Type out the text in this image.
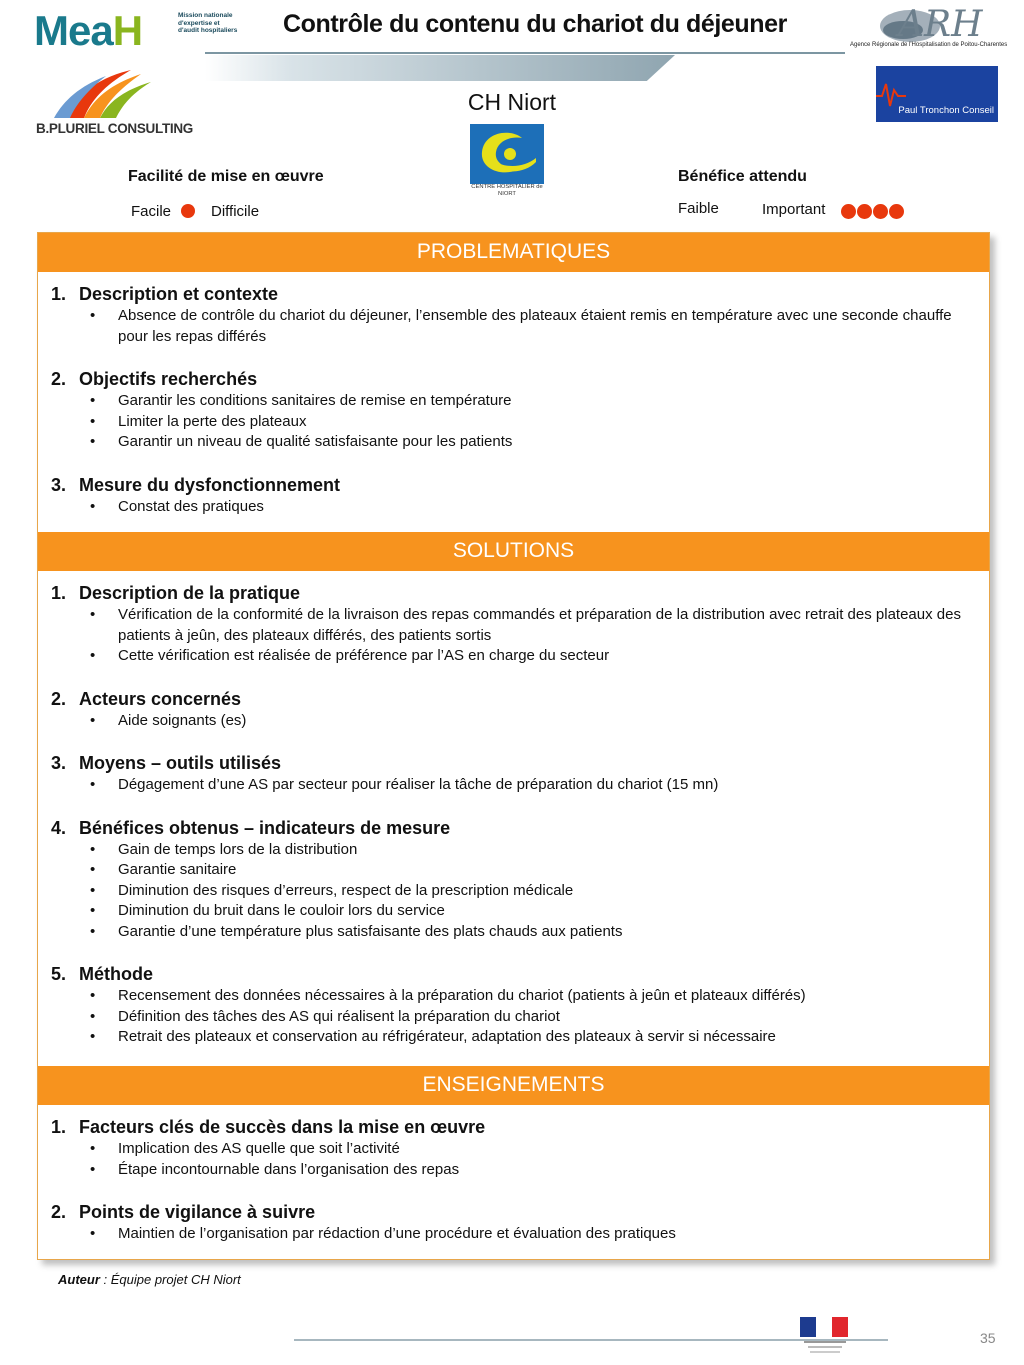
MeaH	Mission nationale d'expertise et d'audit hospitaliers	Contrôle du contenu du chariot du déjeuner
B.PLURIEL CONSULTING
ARH
Agence Régionale de l'Hospitalisation de Poitou-Charentes
Paul Tronchon Conseil
CH Niort
CENTRE HOSPITALIER de NIORT
Facilité de mise en œuvre
Facile	Difficile
Bénéfice attendu
Faible	Important
PROBLEMATIQUES
1. Description et contexte
•	Absence de contrôle du chariot du déjeuner, l’ensemble des plateaux étaient remis en température avec une seconde chauffe pour les repas différés
2. Objectifs recherchés
•	Garantir les conditions sanitaires de remise en température
•	Limiter la perte des plateaux
•	Garantir un niveau de qualité satisfaisante pour les patients
3. Mesure du dysfonctionnement
•	Constat des pratiques
SOLUTIONS
1. Description de la pratique
•	Vérification de la conformité de la livraison des repas commandés et préparation de la distribution avec retrait des plateaux des patients à jeûn, des plateaux différés, des patients sortis
•	Cette vérification est réalisée de préférence par l’AS en charge du secteur
2. Acteurs concernés
•	Aide soignants (es)
3. Moyens – outils utilisés
•	Dégagement d’une AS par secteur pour réaliser la tâche de préparation du chariot (15 mn)
4. Bénéfices obtenus – indicateurs de mesure
•	Gain de temps lors de la distribution
•	Garantie sanitaire
•	Diminution des risques d’erreurs, respect de la prescription médicale
•	Diminution du bruit dans le couloir lors du service
•	Garantie d’une température plus satisfaisante des plats chauds aux patients
5. Méthode
•	Recensement des données nécessaires à la préparation du chariot (patients à jeûn et plateaux différés)
•	Définition des tâches des AS qui réalisent la préparation du chariot
•	Retrait des plateaux et conservation au réfrigérateur, adaptation des plateaux à servir si nécessaire
ENSEIGNEMENTS
1. Facteurs clés de succès dans la mise en œuvre
•	Implication des AS quelle que soit l’activité
•	Étape incontournable dans l’organisation des repas
2. Points de vigilance à suivre
•	Maintien de l’organisation par rédaction d’une procédure et évaluation des pratiques
Auteur : Équipe projet CH Niort
35
